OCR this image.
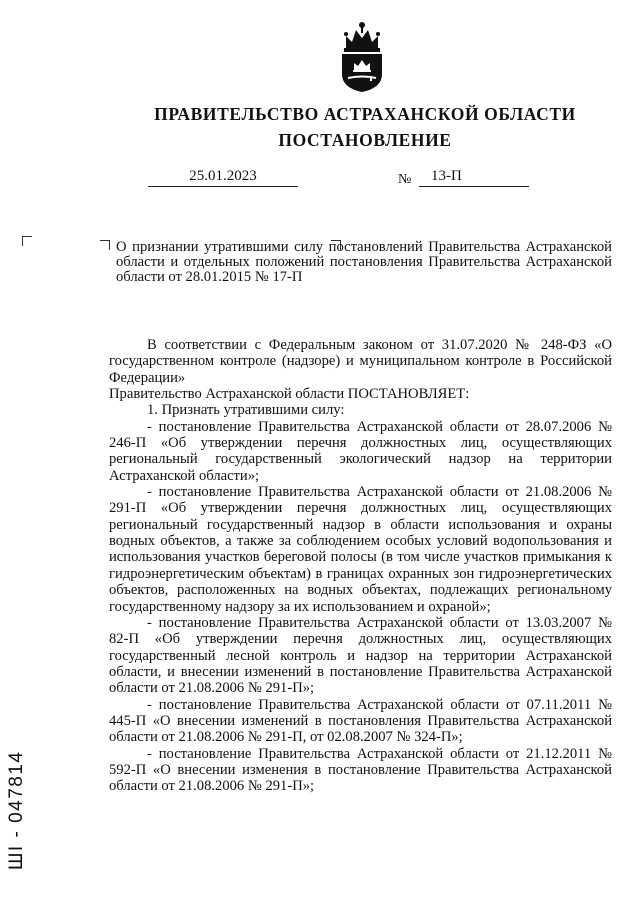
ПРАВИТЕЛЬСТВО АСТРАХАНСКОЙ ОБЛАСТИ
ПОСТАНОВЛЕНИЕ
25.01.2023	№	13-П
О признании утратившими силу постановлений Правительства Астраханской области и отдельных положений постановления Правительства Астраханской области от 28.01.2015 № 17-П

В соответствии с Федеральным законом от 31.07.2020 № 248-ФЗ «О государственном контроле (надзоре) и муниципальном контроле в Российской Федерации»

Правительство Астраханской области ПОСТАНОВЛЯЕТ:

1. Признать утратившими силу:

- постановление Правительства Астраханской области от 28.07.2006 № 246-П «Об утверждении перечня должностных лиц, осуществляющих региональный государственный экологический надзор на территории Астраханской области»;

- постановление Правительства Астраханской области от 21.08.2006 № 291-П «Об утверждении перечня должностных лиц, осуществляющих региональный государственный надзор в области использования и охраны водных объектов, а также за соблюдением особых условий водопользования и использования участков береговой полосы (в том числе участков примыкания к гидроэнергетическим объектам) в границах охранных зон гидроэнергетических объектов, расположенных на водных объектах, подлежащих региональному государственному надзору за их использованием и охраной»;

- постановление Правительства Астраханской области от 13.03.2007 № 82-П «Об утверждении перечня должностных лиц, осуществляющих государственный лесной контроль и надзор на территории Астраханской области, и внесении изменений в постановление Правительства Астраханской области от 21.08.2006 № 291-П»;

- постановление Правительства Астраханской области от 07.11.2011 № 445-П «О внесении изменений в постановления Правительства Астраханской области от 21.08.2006 № 291-П, от 02.08.2007 № 324-П»;

- постановление Правительства Астраханской области от 21.12.2011 № 592-П «О внесении изменения в постановление Правительства Астраханской области от 21.08.2006 № 291-П»;

ШI - 047814
